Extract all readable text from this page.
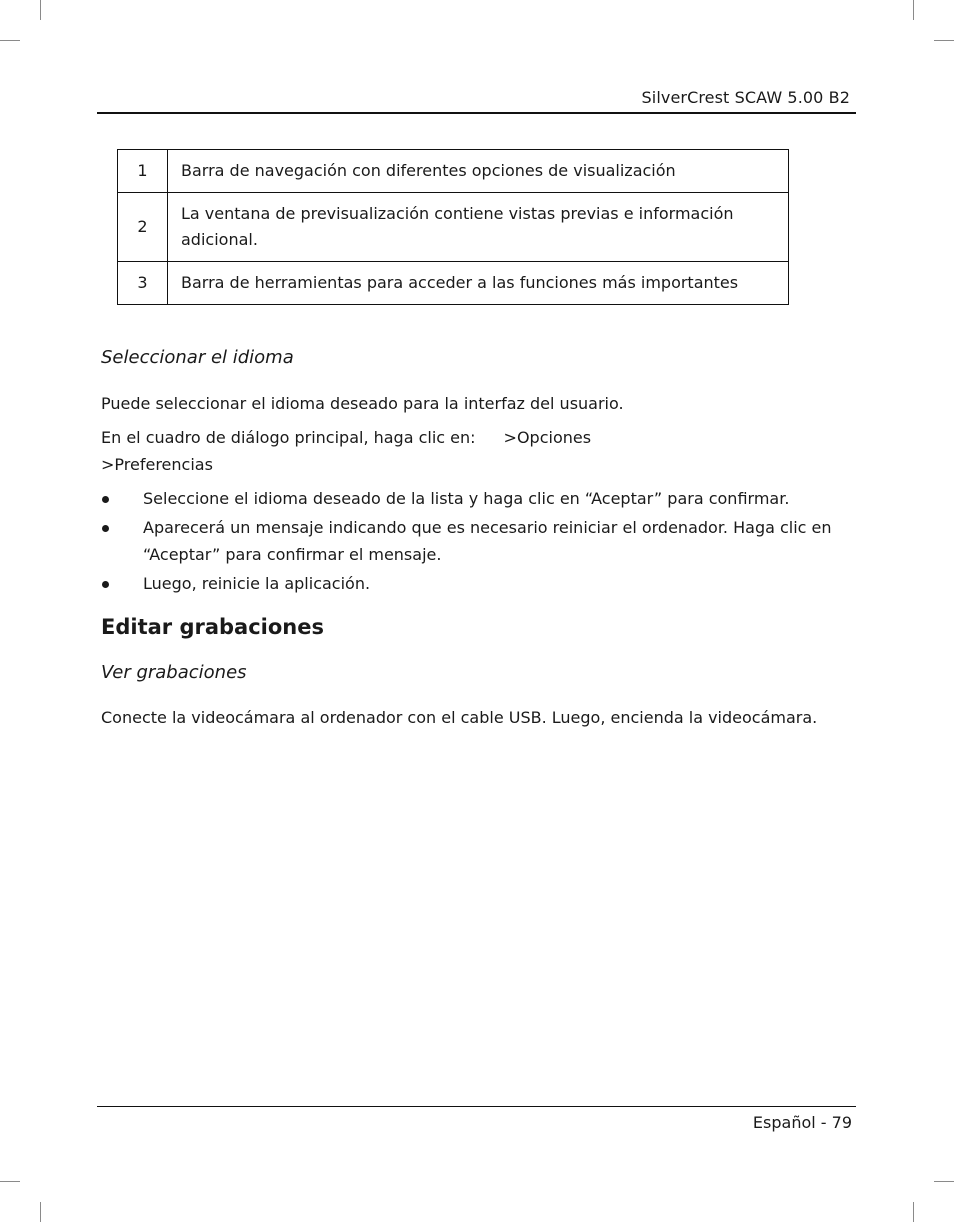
SilverCrest SCAW 5.00 B2
1	Barra de navegación con diferentes opciones de visualización
2	La ventana de previsualización contiene vistas previas e información adicional.
3	Barra de herramientas para acceder a las funciones más importantes
Seleccionar el idioma

Puede seleccionar el idioma deseado para la interfaz del usuario.

En el cuadro de diálogo principal, haga clic en: >Opciones
>Preferencias

Seleccione el idioma deseado de la lista y haga clic en “Aceptar” para confirmar.
Aparecerá un mensaje indicando que es necesario reiniciar el ordenador. Haga clic en “Aceptar” para confirmar el mensaje.
Luego, reinicie la aplicación.
Editar grabaciones
Ver grabaciones

Conecte la videocámara al ordenador con el cable USB. Luego, encienda la videocámara.

Español - 79
